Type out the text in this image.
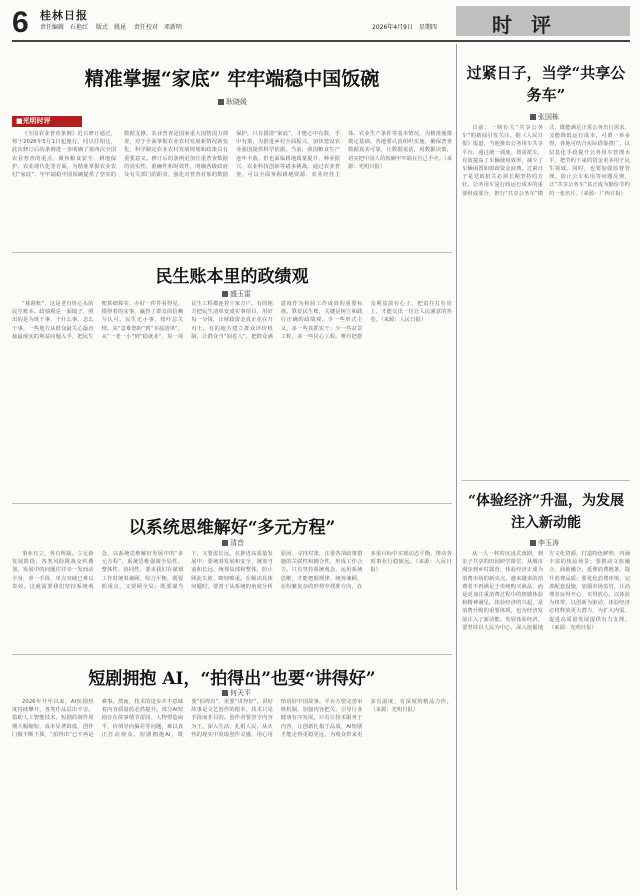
6 桂林日报
责任编辑　石艳红 版式　姚昆 责任校对　邓新明	2026年4月9日　星期四	时 评
精准掌握“家底” 牢牢端稳中国饭碗
耿晓媛
■光明时评

《全国农业普查条例》近日修订通过，将于2026年5月1日起施行。同以往相比，此次修订后的条例进一步明确了第四次全国农业普查的重点，聚焦粮食安全、耕地保护、农业现代化等方面，为精准掌握农业农村“家底”、牢牢端稳中国饭碗提供了坚实的数据支撑。农业普查是国家重大国情国力调查，对于全面掌握农业农村发展新情况新变化、科学制定农业农村发展规划和政策具有重要意义。修订后的条例更加注重普查数据的真实性、准确性和时效性，明确各级政府及有关部门的职责，强化对普查对象的数据保护。只有摸清“家底”，才能心中有数、手中有策，为推进乡村全面振兴、加快建设农业强国提供科学依据。当前，我国粮食生产连年丰收，但也面临耕地质量提升、种业振兴、农业科技创新等诸多挑战。通过农业普查，可以全面掌握耕地资源、农业经营主体、农业生产条件等基本情况，为精准施策奠定基础。各地要认真组织实施，确保普查数据真实可靠，让数据说话，用数据决策，切实把中国人的饭碗牢牢端在自己手中。（来源：光明日报）

民生账本里的政绩观
盛玉雷

“暮暮账”，这是老百姓心头的民生账本。政绩观是一面镜子，照出的是为谁干事、干什么事、怎么干事。一些地方从群众最关心最直接最现实的利益问题入手，把民生账算细算实，办好一件件看得见、摸得着的实事，赢得了群众的信赖与认可。民生无小事，枝叶总关情。从“急难愁盼”到“幸福清单”，从“一老一小”到“稳就业”，每一项民生工程都连着千家万户。有的地方把民生清单变成实事项目，用好每一分钱，让财政资金真正花在刀刃上。有的地方建立群众评价机制，让群众当“阅卷人”，把群众满意度作为检验工作成效的重要标准。算好民生账，关键是树立和践行正确的政绩观。少一些形式主义，多一些真抓实干；少一些盆景工程，多一些民心工程。唯有把群众利益放在心上，把责任扛在肩上，才能交出一份让人民满意的答卷。（来源：人民日报）

以系统思维解好“多元方程”
清音

事业有立，各有所缺。立足新发展阶段，各类风险挑战交织叠加，发展中的问题往往牵一发而动全身，单一手段、单点突破已难以奏效。这就需要我们坚持系统观念，以系统思维解好发展中的“多元方程”。系统思维强调全局性、整体性、协同性，要求我们在谋划工作时统筹兼顾、综合平衡，既要抓重点，又要顾全局；既要谋当下，又要虑长远。在推进高质量发展中，要统筹发展和安全、统筹当前和长远、统筹局部和整体，防止顾此失彼、畸轻畸重。在解决具体问题时，要善于从系统的角度分析原因、寻找对策，注重各项政策措施的关联性和耦合性，形成工作合力。只有坚持系统观念，运用系统思维，才能把握规律、统筹兼顾，在纷繁复杂的形势中找准方向，在多重目标中实现动态平衡，推动各项事业行稳致远。（来源：人民日报）

短剧拥抱 AI，“拍得出”也要“讲得好”
何天平

2026年开年以来，AI短剧热度持续攀升，各类作品层出不穷。借助人工智能技术，短剧的制作周期大幅缩短、成本显著降低，创作门槛不断下探，“拍得出”已不再是难事。然而，技术的进步并不意味着内容质量的必然提升。部分AI短剧存在故事情节雷同、人物塑造扁平、价值导向偏差等问题，难以真正打动观众。短剧拥抱AI，既要“拍得出”，更要“讲得好”。讲好故事是文艺创作的根本，技术只是手段而非目的。创作者要坚守内容为王，深入生活、扎根人民，从火热的现实中汲取创作灵感，用心用情讲好中国故事。平台方要完善审核机制，加强内容把关，引导行业健康有序发展。只有让技术服务于内容，让创新扎根于品质，AI短剧才能走得更稳更远，为观众带来更多有温度、有深度的精品力作。（来源：光明日报）

过紧日子，当学“共享公务车”
张国栋

日前，一则有关“共享公务车”的新闻引发关注。据《人民日报》报道，当地推出公务用车共享平台，通过统一调度、按需派车，有效提高了车辆使用效率，减少了车辆闲置和财政资金浪费。过紧日子是党政机关必须长期坚持的方针。公务用车是行政运行成本的重要组成部分，推行“共享公务车”模式，既能满足正常公务出行需求，又能降低运行成本，可谓一举多得。各地可结合实际借鉴推广，以信息化手段提升公务用车管理水平，把节约下来的资金更多用于民生领域。同时，也要加强监督管理，防止公车私用等问题反弹，让“共享公务车”真正成为勤俭节约的一张名片。（来源：广西日报）

“体验经济”升温，为发展注入新动能
李玉涛

从一人一杯的沉浸式戏剧，到亲子共享的田园研学课堂，从城市漫步到乡村露营，体验经济正成为消费市场的新亮点。越来越多的消费者不再满足于单纯购买商品，而是更加注重消费过程中的情感体验和精神满足。体验经济的兴起，是消费升级的重要体现，也为经济发展注入了新动能。发展体验经济，要坚持以人民为中心，深入挖掘地方文化资源，打造特色鲜明、内涵丰富的体验场景；要推动文旅融合、商旅融合，延伸消费链条，提升消费品质；要优化消费环境，完善配套设施，加强市场监管，让消费者玩得开心、买得放心。以体验为纽带，以创新为驱动，体验经济必将释放更大潜力，为扩大内需、促进高质量发展提供有力支撑。（来源：光明日报）
